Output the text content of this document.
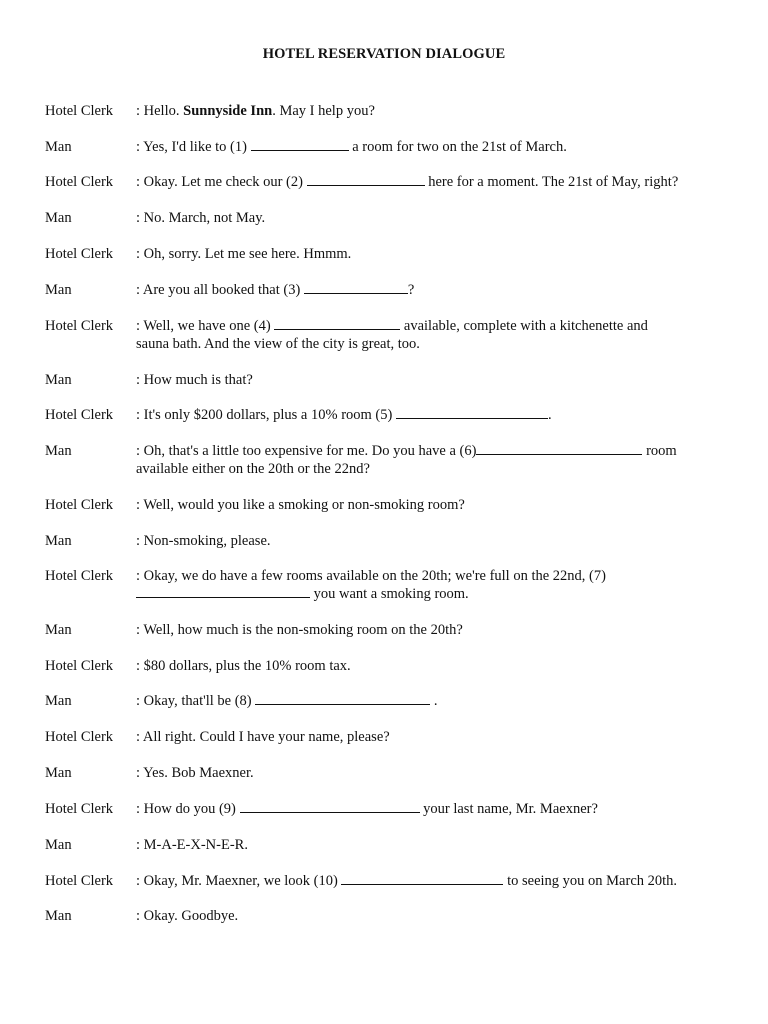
HOTEL RESERVATION DIALOGUE
Hotel Clerk	: Hello. Sunnyside Inn. May I help you?
Man	: Yes, I'd like to (1)	a room for two on the 21st of March.
Hotel Clerk	: Okay. Let me check our (2)	here for a moment. The 21st of May, right?
Man	: No. March, not May.
Hotel Clerk	: Oh, sorry. Let me see here. Hmmm.
Man	: Are you all booked that (3)	?
Hotel Clerk	: Well, we have one (4)	available, complete with a kitchenette and
sauna bath. And the view of the city is great, too.
Man	: How much is that?
Hotel Clerk	: It's only $200 dollars, plus a 10% room (5)	.
Man	: Oh, that's a little too expensive for me. Do you have a (6)	room
available either on the 20th or the 22nd?
Hotel Clerk	: Well, would you like a smoking or non-smoking room?
Man	: Non-smoking, please.
Hotel Clerk	: Okay, we do have a few rooms available on the 20th; we're full on the 22nd, (7)
you want a smoking room.
Man	: Well, how much is the non-smoking room on the 20th?
Hotel Clerk	: $80 dollars, plus the 10% room tax.
Man	: Okay, that'll be (8)	.
Hotel Clerk	: All right. Could I have your name, please?
Man	: Yes. Bob Maexner.
Hotel Clerk	: How do you (9)	your last name, Mr. Maexner?
Man	: M-A-E-X-N-E-R.
Hotel Clerk	: Okay, Mr. Maexner, we look (10)	to seeing you on March 20th.
Man	: Okay. Goodbye.
